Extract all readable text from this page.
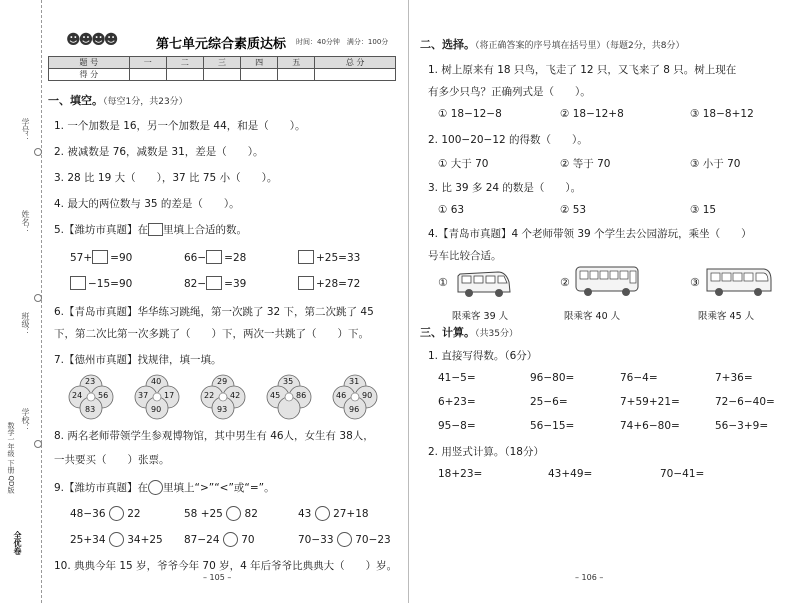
学号：
姓名：
班级：
学校：
数学一年级 下册 QD版
全优卷
☻☻☻☻	第七单元综合素质达标 时间：40分钟　满分：100分
题 号	一	二	三	四	五	总 分
得 分						
一、填空。（每空1分，共23分）
1. 一个加数是 16，另一个加数是 44，和是（　　）。
2. 被减数是 76，减数是 31，差是（　　）。
3. 28 比 19 大（　　），37 比 75 小（　　）。
4. 最大的两位数与 35 的差是（　　）。
5.【潍坊市真题】在 里填上合适的数。
57+ =90	66− =28	+25=33
−15=90	82− =39	+28=72
6.【青岛市真题】华华练习跳绳，第一次跳了 32 下，第二次跳了 45
下，第二次比第一次多跳了（　　）下，两次一共跳了（　　）下。
7.【德州市真题】找规律，填一填。
23
24 56
83
40
37 17
90
29
22 42
93
35
45 86
31
46 90
96
8. 两名老师带领学生参观博物馆，其中男生有 46人，女生有 38人，
一共要买（　　）张票。
9.【潍坊市真题】在 里填上“>”“<”或“=”。
48−36 22	58 +25 82	43 27+18
25+34 34+25 87−24 70	70−33 70−23
10. 典典今年 15 岁，爷爷今年 70 岁，4 年后爷爷比典典大（　　）岁。
– 105 –
二、选择。（将正确答案的序号填在括号里）（每题2分，共8分）
1. 树上原来有 18 只鸟，飞走了 12 只，又飞来了 8 只。树上现在
有多少只鸟？正确列式是（　　）。
① 18−12−8	② 18−12+8	③ 18−8+12
2. 100−20−12 的得数（　　）。
① 大于 70	② 等于 70	③ 小于 70
3. 比 39 多 24 的数是（　　）。
① 63	② 53	③ 15
4.【青岛市真题】4 个老师带领 39 个学生去公园游玩，乘坐（　　）
号车比较合适。
①
限乘客 39 人
②
限乘客 40 人
③
限乘客 45 人
三、计算。（共35分）
1. 直接写得数。（6分）
41−5=	96−80=	76−4=	7+36=
6+23=	25−6=	7+59+21=	72−6−40=
95−8=	56−15=	74+6−80=	56−3+9=
2. 用竖式计算。（18分）
18+23=	43+49=	70−41=
– 106 –
